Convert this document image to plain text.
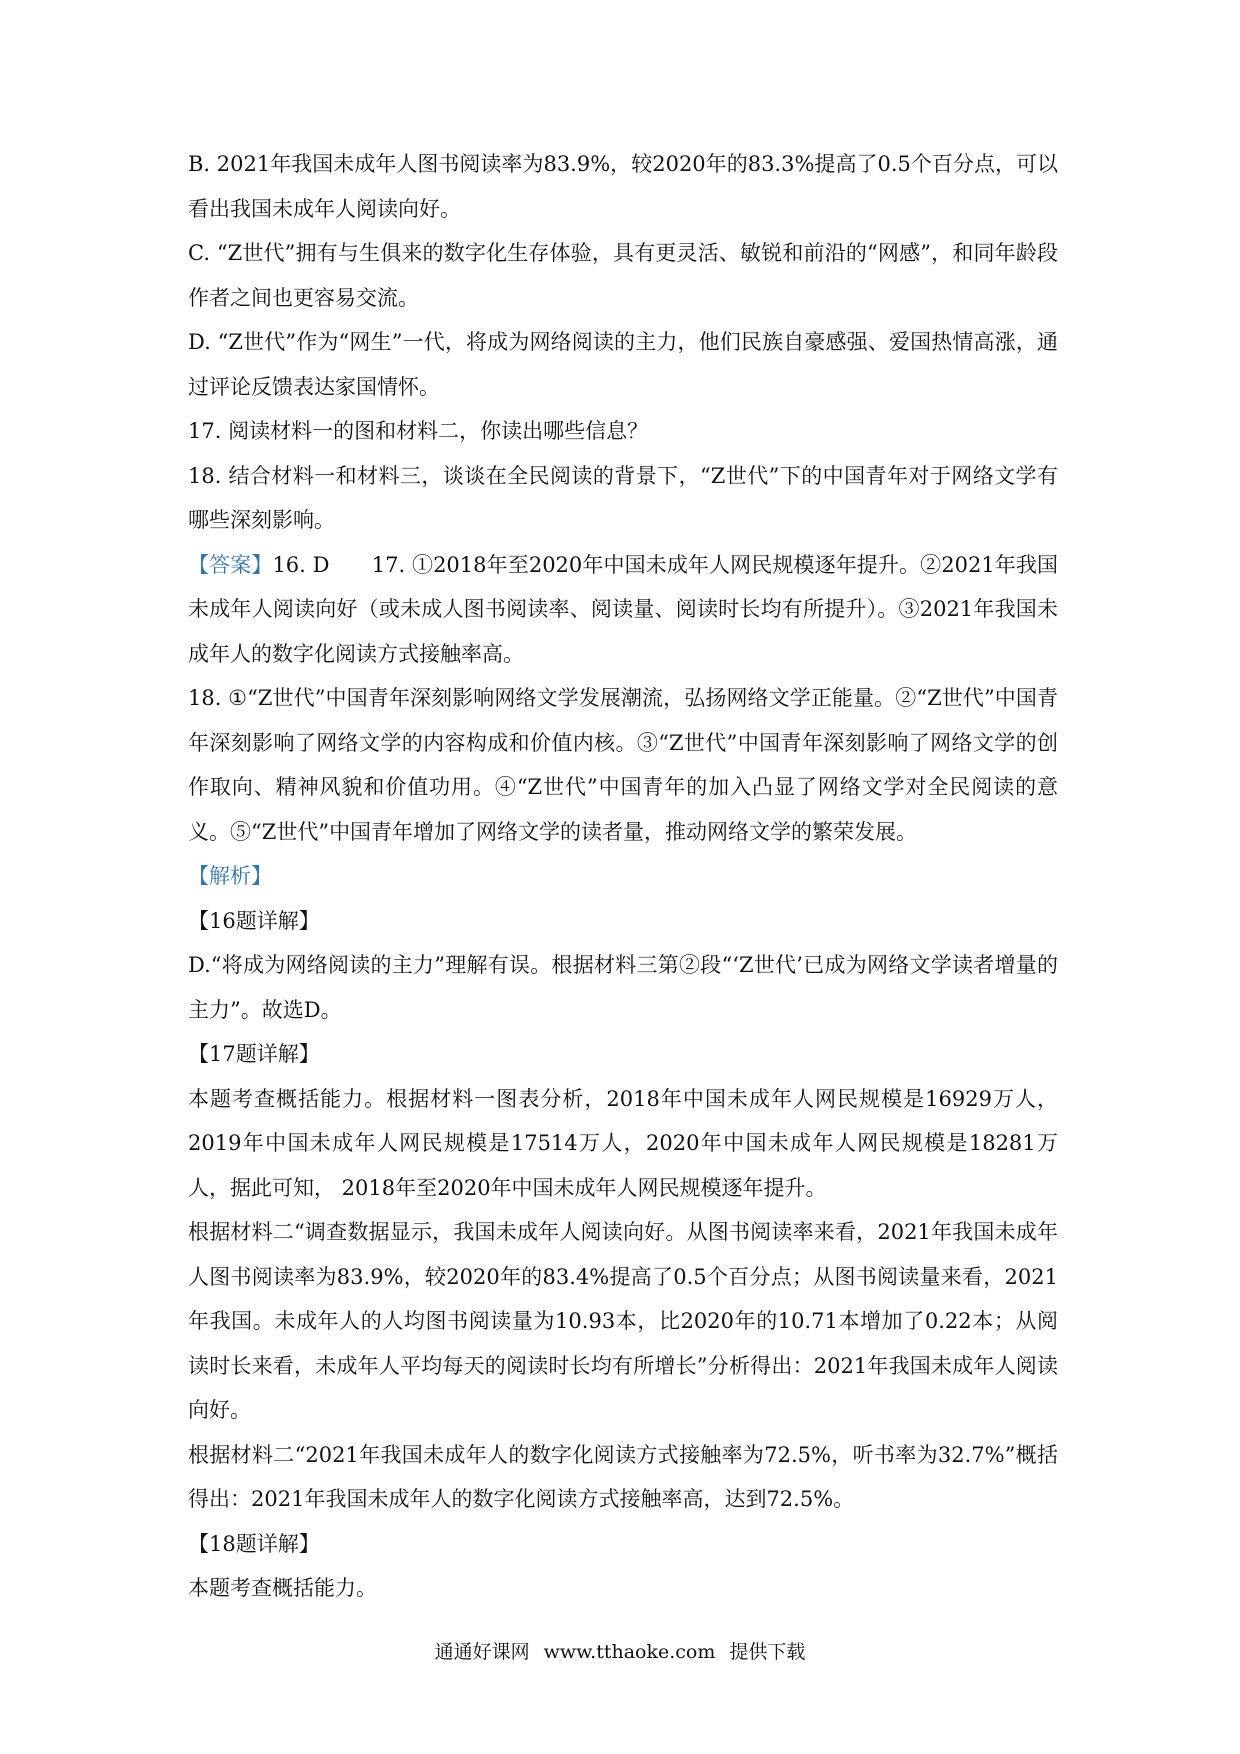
B. 2021年我国未成年人图书阅读率为83.9%，较2020年的83.3%提高了0.5个百分点，可以看出我国未成年人阅读向好。

C. “Z世代”拥有与生俱来的数字化生存体验，具有更灵活、敏锐和前沿的“网感”，和同年龄段作者之间也更容易交流。

D. “Z世代”作为“网生”一代，将成为网络阅读的主力，他们民族自豪感强、爱国热情高涨，通过评论反馈表达家国情怀。

17. 阅读材料一的图和材料二，你读出哪些信息？

18. 结合材料一和材料三，谈谈在全民阅读的背景下，“Z世代”下的中国青年对于网络文学有哪些深刻影响。

【答案】16. D　　17. ①2018年至2020年中国未成年人网民规模逐年提升。②2021年我国未成年人阅读向好（或未成人图书阅读率、阅读量、阅读时长均有所提升）。③2021年我国未成年人的数字化阅读方式接触率高。

18. ①“Z世代”中国青年深刻影响网络文学发展潮流，弘扬网络文学正能量。②“Z世代”中国青年深刻影响了网络文学的内容构成和价值内核。③“Z世代”中国青年深刻影响了网络文学的创作取向、精神风貌和价值功用。④“Z世代”中国青年的加入凸显了网络文学对全民阅读的意义。⑤“Z世代”中国青年增加了网络文学的读者量，推动网络文学的繁荣发展。

【解析】

【16题详解】

D.“将成为网络阅读的主力”理解有误。根据材料三第②段“‘Z世代’已成为网络文学读者增量的主力”。故选D。

【17题详解】

本题考查概括能力。根据材料一图表分析，2018年中国未成年人网民规模是16929万人，2019年中国未成年人网民规模是17514万人，2020年中国未成年人网民规模是18281万人，据此可知， 2018年至2020年中国未成年人网民规模逐年提升。

根据材料二“调查数据显示，我国未成年人阅读向好。从图书阅读率来看，2021年我国未成年人图书阅读率为83.9%，较2020年的83.4%提高了0.5个百分点；从图书阅读量来看，2021年我国。未成年人的人均图书阅读量为10.93本，比2020年的10.71本增加了0.22本；从阅读时长来看，未成年人平均每天的阅读时长均有所增长”分析得出：2021年我国未成年人阅读向好。

根据材料二“2021年我国未成年人的数字化阅读方式接触率为72.5%，听书率为32.7%”概括得出：2021年我国未成年人的数字化阅读方式接触率高，达到72.5%。

【18题详解】

本题考查概括能力。

通通好课网 www.tthaoke.com 提供下载
